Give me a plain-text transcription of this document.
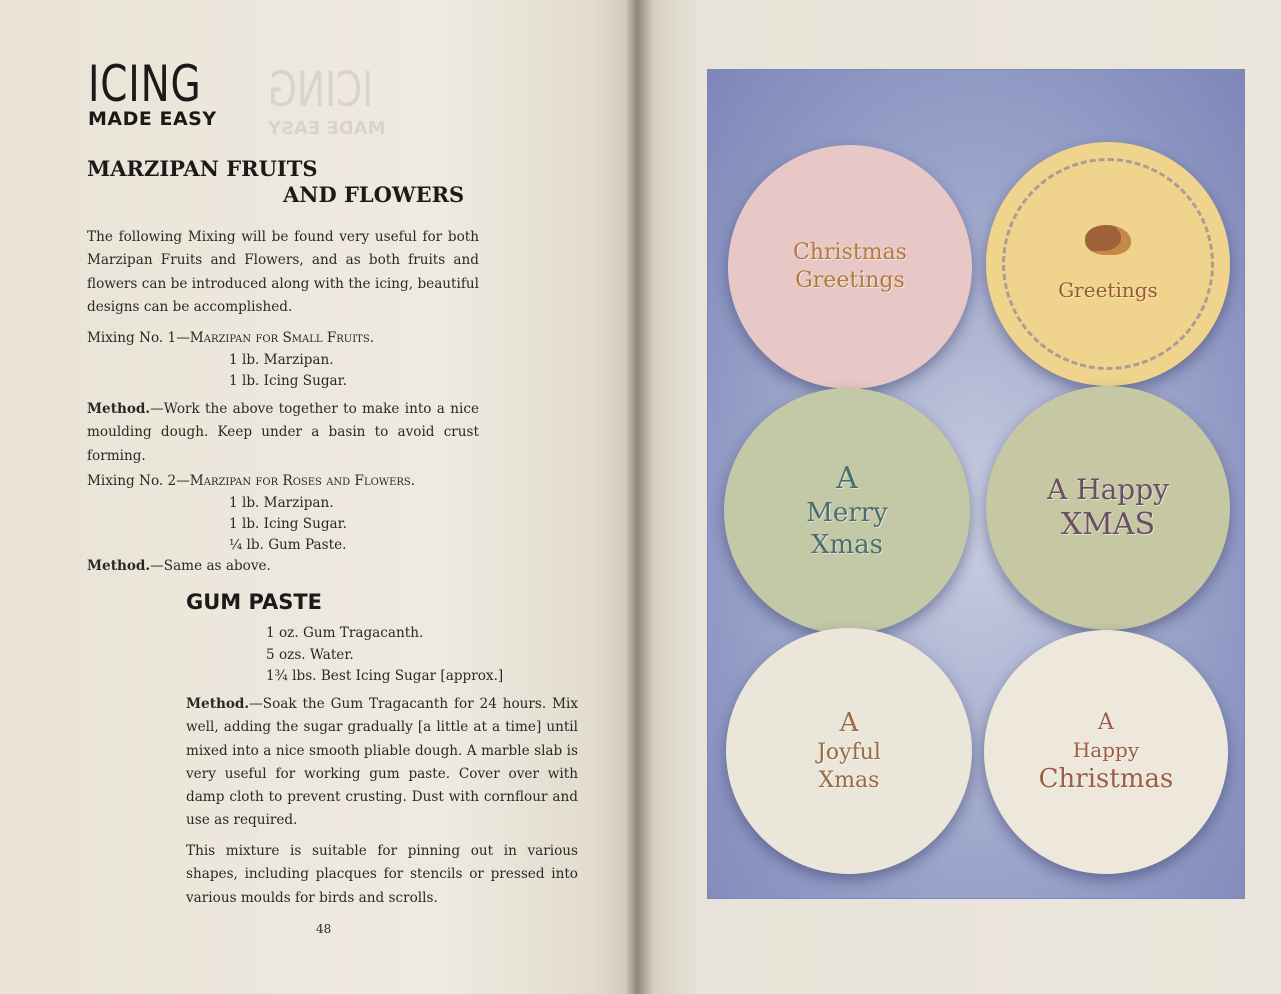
ICING
MADE EASY
ICING
MADE EASY
MARZIPAN FRUITS
AND FLOWERS

The following Mixing will be found very useful for both Marzipan Fruits and Flowers, and as both fruits and flowers can be introduced along with the icing, beautiful designs can be accomplished.

Mixing No. 1—Marzipan for Small Fruits.
1 lb. Marzipan.
1 lb. Icing Sugar.

Method.—Work the above together to make into a nice moulding dough. Keep under a basin to avoid crust forming.

Mixing No. 2—Marzipan for Roses and Flowers.
1 lb. Marzipan.
1 lb. Icing Sugar.
¼ lb. Gum Paste.
Method.—Same as above.
GUM PASTE
1 oz. Gum Tragacanth.
5 ozs. Water.
1¾ lbs. Best Icing Sugar [approx.]

Method.—Soak the Gum Tragacanth for 24 hours. Mix well, adding the sugar gradually [a little at a time] until mixed into a nice smooth pliable dough. A marble slab is very useful for working gum paste. Cover over with damp cloth to prevent crusting. Dust with cornflour and use as required.

This mixture is suitable for pinning out in various shapes, including placques for stencils or pressed into various moulds for birds and scrolls.

48
Christmas
Greetings	Greetings
A
Merry
Xmas
A Happy
XMAS
A
Joyful
Xmas
A
Happy
Christmas
